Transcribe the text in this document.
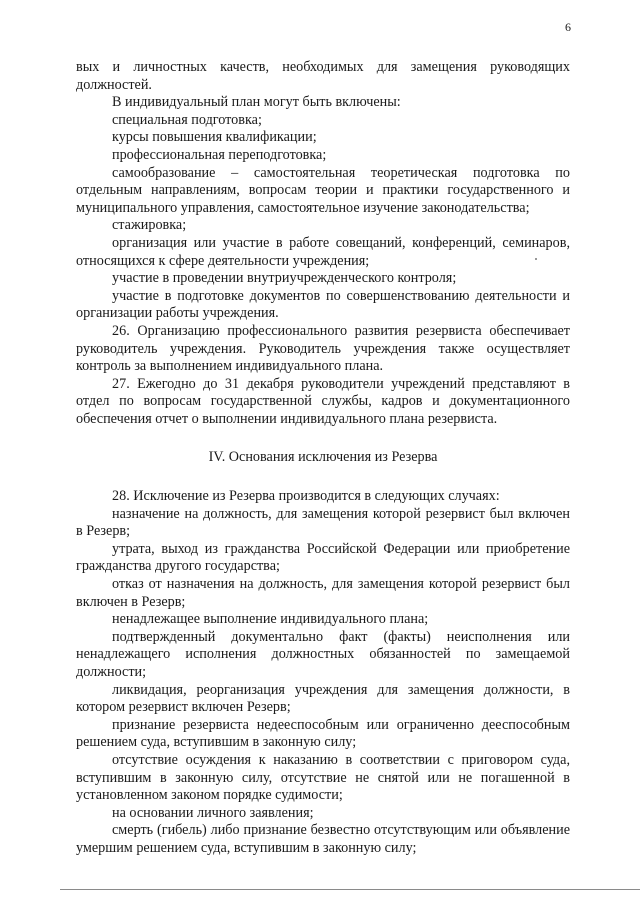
6

вых и личностных качеств, необходимых для замещения руководящих должностей.

В индивидуальный план могут быть включены:

специальная подготовка;

курсы повышения квалификации;

профессиональная переподготовка;

самообразование – самостоятельная теоретическая подготовка по отдельным направлениям, вопросам теории и практики государственного и муниципального управления, самостоятельное изучение законодательства;

стажировка;

организация или участие в работе совещаний, конференций, семинаров, относящихся к сфере деятельности учреждения;

участие в проведении внутриучрежденческого контроля;

участие в подготовке документов по совершенствованию деятельности и организации работы учреждения.

26. Организацию профессионального развития резервиста обеспечивает руководитель учреждения. Руководитель учреждения также осуществляет контроль за выполнением индивидуального плана.

27. Ежегодно до 31 декабря руководители учреждений представляют в отдел по вопросам государственной службы, кадров и документационного обеспечения отчет о выполнении индивидуального плана резервиста.

IV. Основания исключения из Резерва

28. Исключение из Резерва производится в следующих случаях:

назначение на должность, для замещения которой резервист был включен в Резерв;

утрата, выход из гражданства Российской Федерации или приобретение гражданства другого государства;

отказ от назначения на должность, для замещения которой резервист был включен в Резерв;

ненадлежащее выполнение индивидуального плана;

подтвержденный документально факт (факты) неисполнения или ненадлежащего исполнения должностных обязанностей по замещаемой должности;

ликвидация, реорганизация учреждения для замещения должности, в котором резервист включен Резерв;

признание резервиста недееспособным или ограниченно дееспособным решением суда, вступившим в законную силу;

отсутствие осуждения к наказанию в соответствии с приговором суда, вступившим в законную силу, отсутствие не снятой или не погашенной в установленном законом порядке судимости;

на основании личного заявления;

смерть (гибель) либо признание безвестно отсутствующим или объявление умершим решением суда, вступившим в законную силу;
